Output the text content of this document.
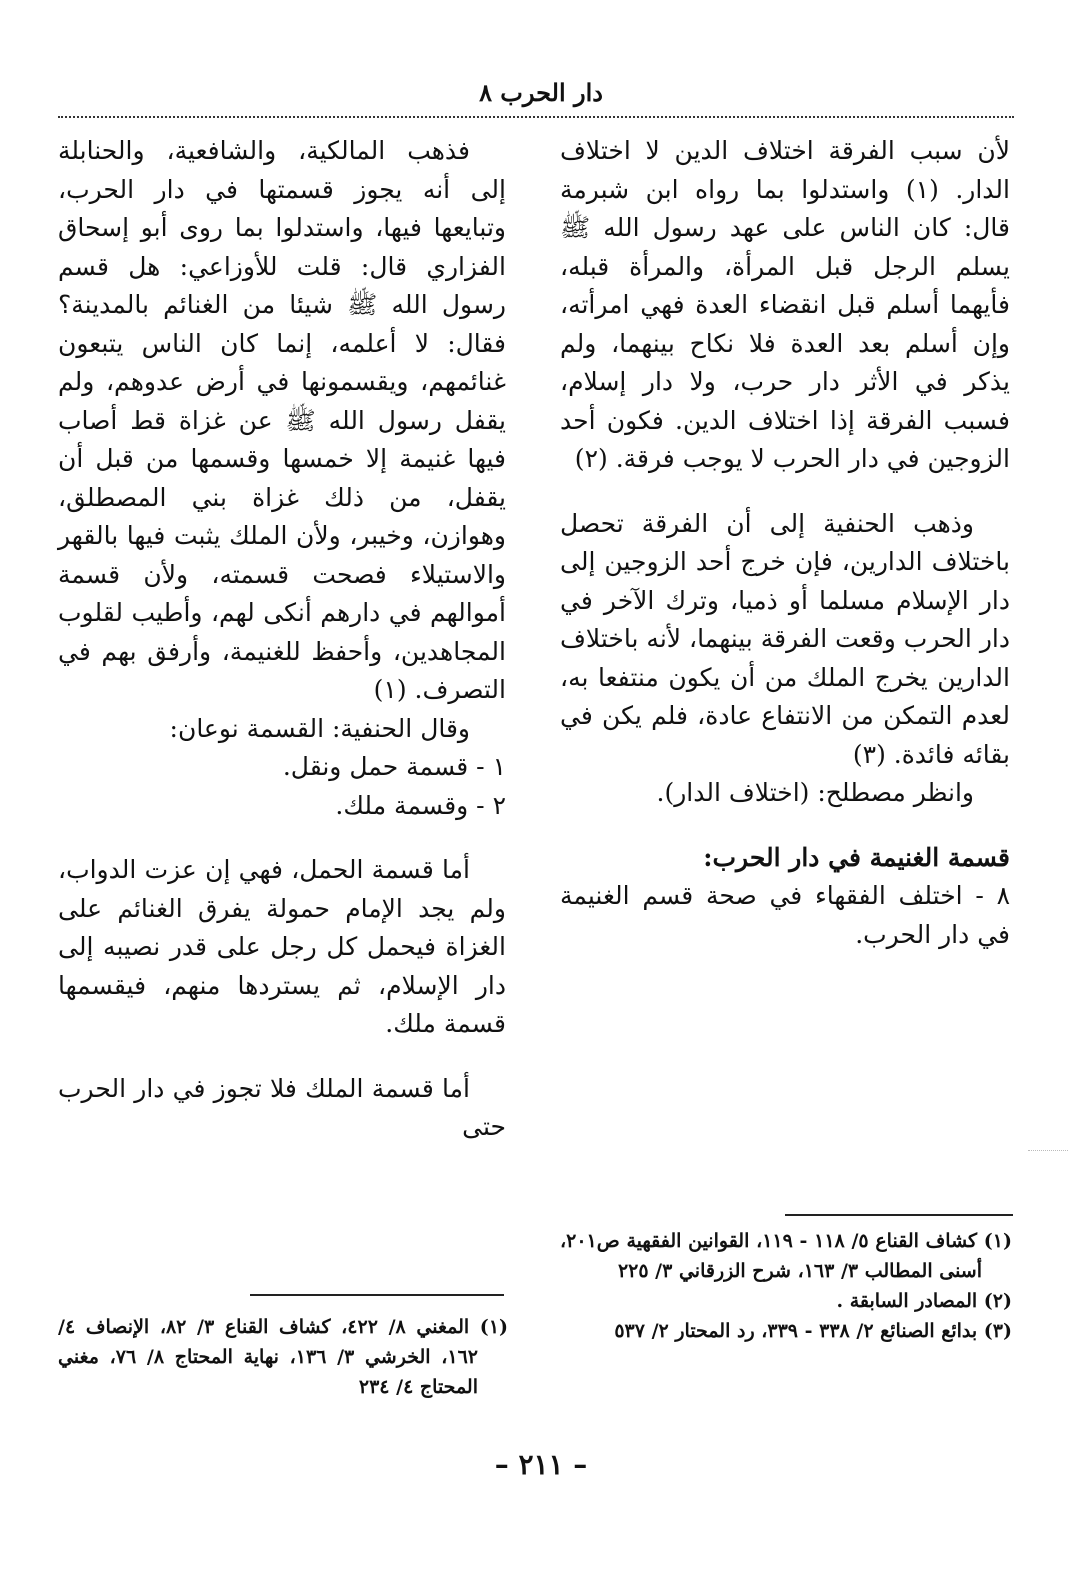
دار الحرب ٨

لأن سبب الفرقة اختلاف الدين لا اختلاف الدار. (١) واستدلوا بما رواه ابن شبرمة قال: كان الناس على عهد رسول الله ﷺ يسلم الرجل قبل المرأة، والمرأة قبله، فأيهما أسلم قبل انقضاء العدة فهي امرأته، وإن أسلم بعد العدة فلا نكاح بينهما، ولم يذكر في الأثر دار حرب، ولا دار إسلام، فسبب الفرقة إذا اختلاف الدين. فكون أحد الزوجين في دار الحرب لا يوجب فرقة. (٢)

وذهب الحنفية إلى أن الفرقة تحصل باختلاف الدارين، فإن خرج أحد الزوجين إلى دار الإسلام مسلما أو ذميا، وترك الآخر في دار الحرب وقعت الفرقة بينهما، لأنه باختلاف الدارين يخرج الملك من أن يكون منتفعا به، لعدم التمكن من الانتفاع عادة، فلم يكن في بقائه فائدة. (٣)

وانظر مصطلح: (اختلاف الدار).

قسمة الغنيمة في دار الحرب:

٨ - اختلف الفقهاء في صحة قسم الغنيمة في دار الحرب.

فذهب المالكية، والشافعية، والحنابلة إلى أنه يجوز قسمتها في دار الحرب، وتبايعها فيها، واستدلوا بما روى أبو إسحاق الفزاري قال: قلت للأوزاعي: هل قسم رسول الله ﷺ شيئا من الغنائم بالمدينة؟ فقال: لا أعلمه، إنما كان الناس يتبعون غنائمهم، ويقسمونها في أرض عدوهم، ولم يقفل رسول الله ﷺ عن غزاة قط أصاب فيها غنيمة إلا خمسها وقسمها من قبل أن يقفل، من ذلك غزاة بني المصطلق، وهوازن، وخيبر، ولأن الملك يثبت فيها بالقهر والاستيلاء فصحت قسمته، ولأن قسمة أموالهم في دارهم أنكى لهم، وأطيب لقلوب المجاهدين، وأحفظ للغنيمة، وأرفق بهم في التصرف. (١)

وقال الحنفية: القسمة نوعان:

١ - قسمة حمل ونقل.

٢ - وقسمة ملك.

أما قسمة الحمل، فهي إن عزت الدواب، ولم يجد الإمام حمولة يفرق الغنائم على الغزاة فيحمل كل رجل على قدر نصيبه إلى دار الإسلام، ثم يستردها منهم، فيقسمها قسمة ملك.

أما قسمة الملك فلا تجوز في دار الحرب حتى

(١) كشاف القناع ٥/ ١١٨ - ١١٩، القوانين الفقهية ص٢٠١، أسنى المطالب ٣/ ١٦٣، شرح الزرقاني ٣/ ٢٢٥

(٢) المصادر السابقة .

(٣) بدائع الصنائع ٢/ ٣٣٨ - ٣٣٩، رد المحتار ٢/ ٥٣٧

(١) المغني ٨/ ٤٢٢، كشاف القناع ٣/ ٨٢، الإنصاف ٤/ ١٦٢، الخرشي ٣/ ١٣٦، نهاية المحتاج ٨/ ٧٦، مغني المحتاج ٤/ ٢٣٤

– ٢١١ –
